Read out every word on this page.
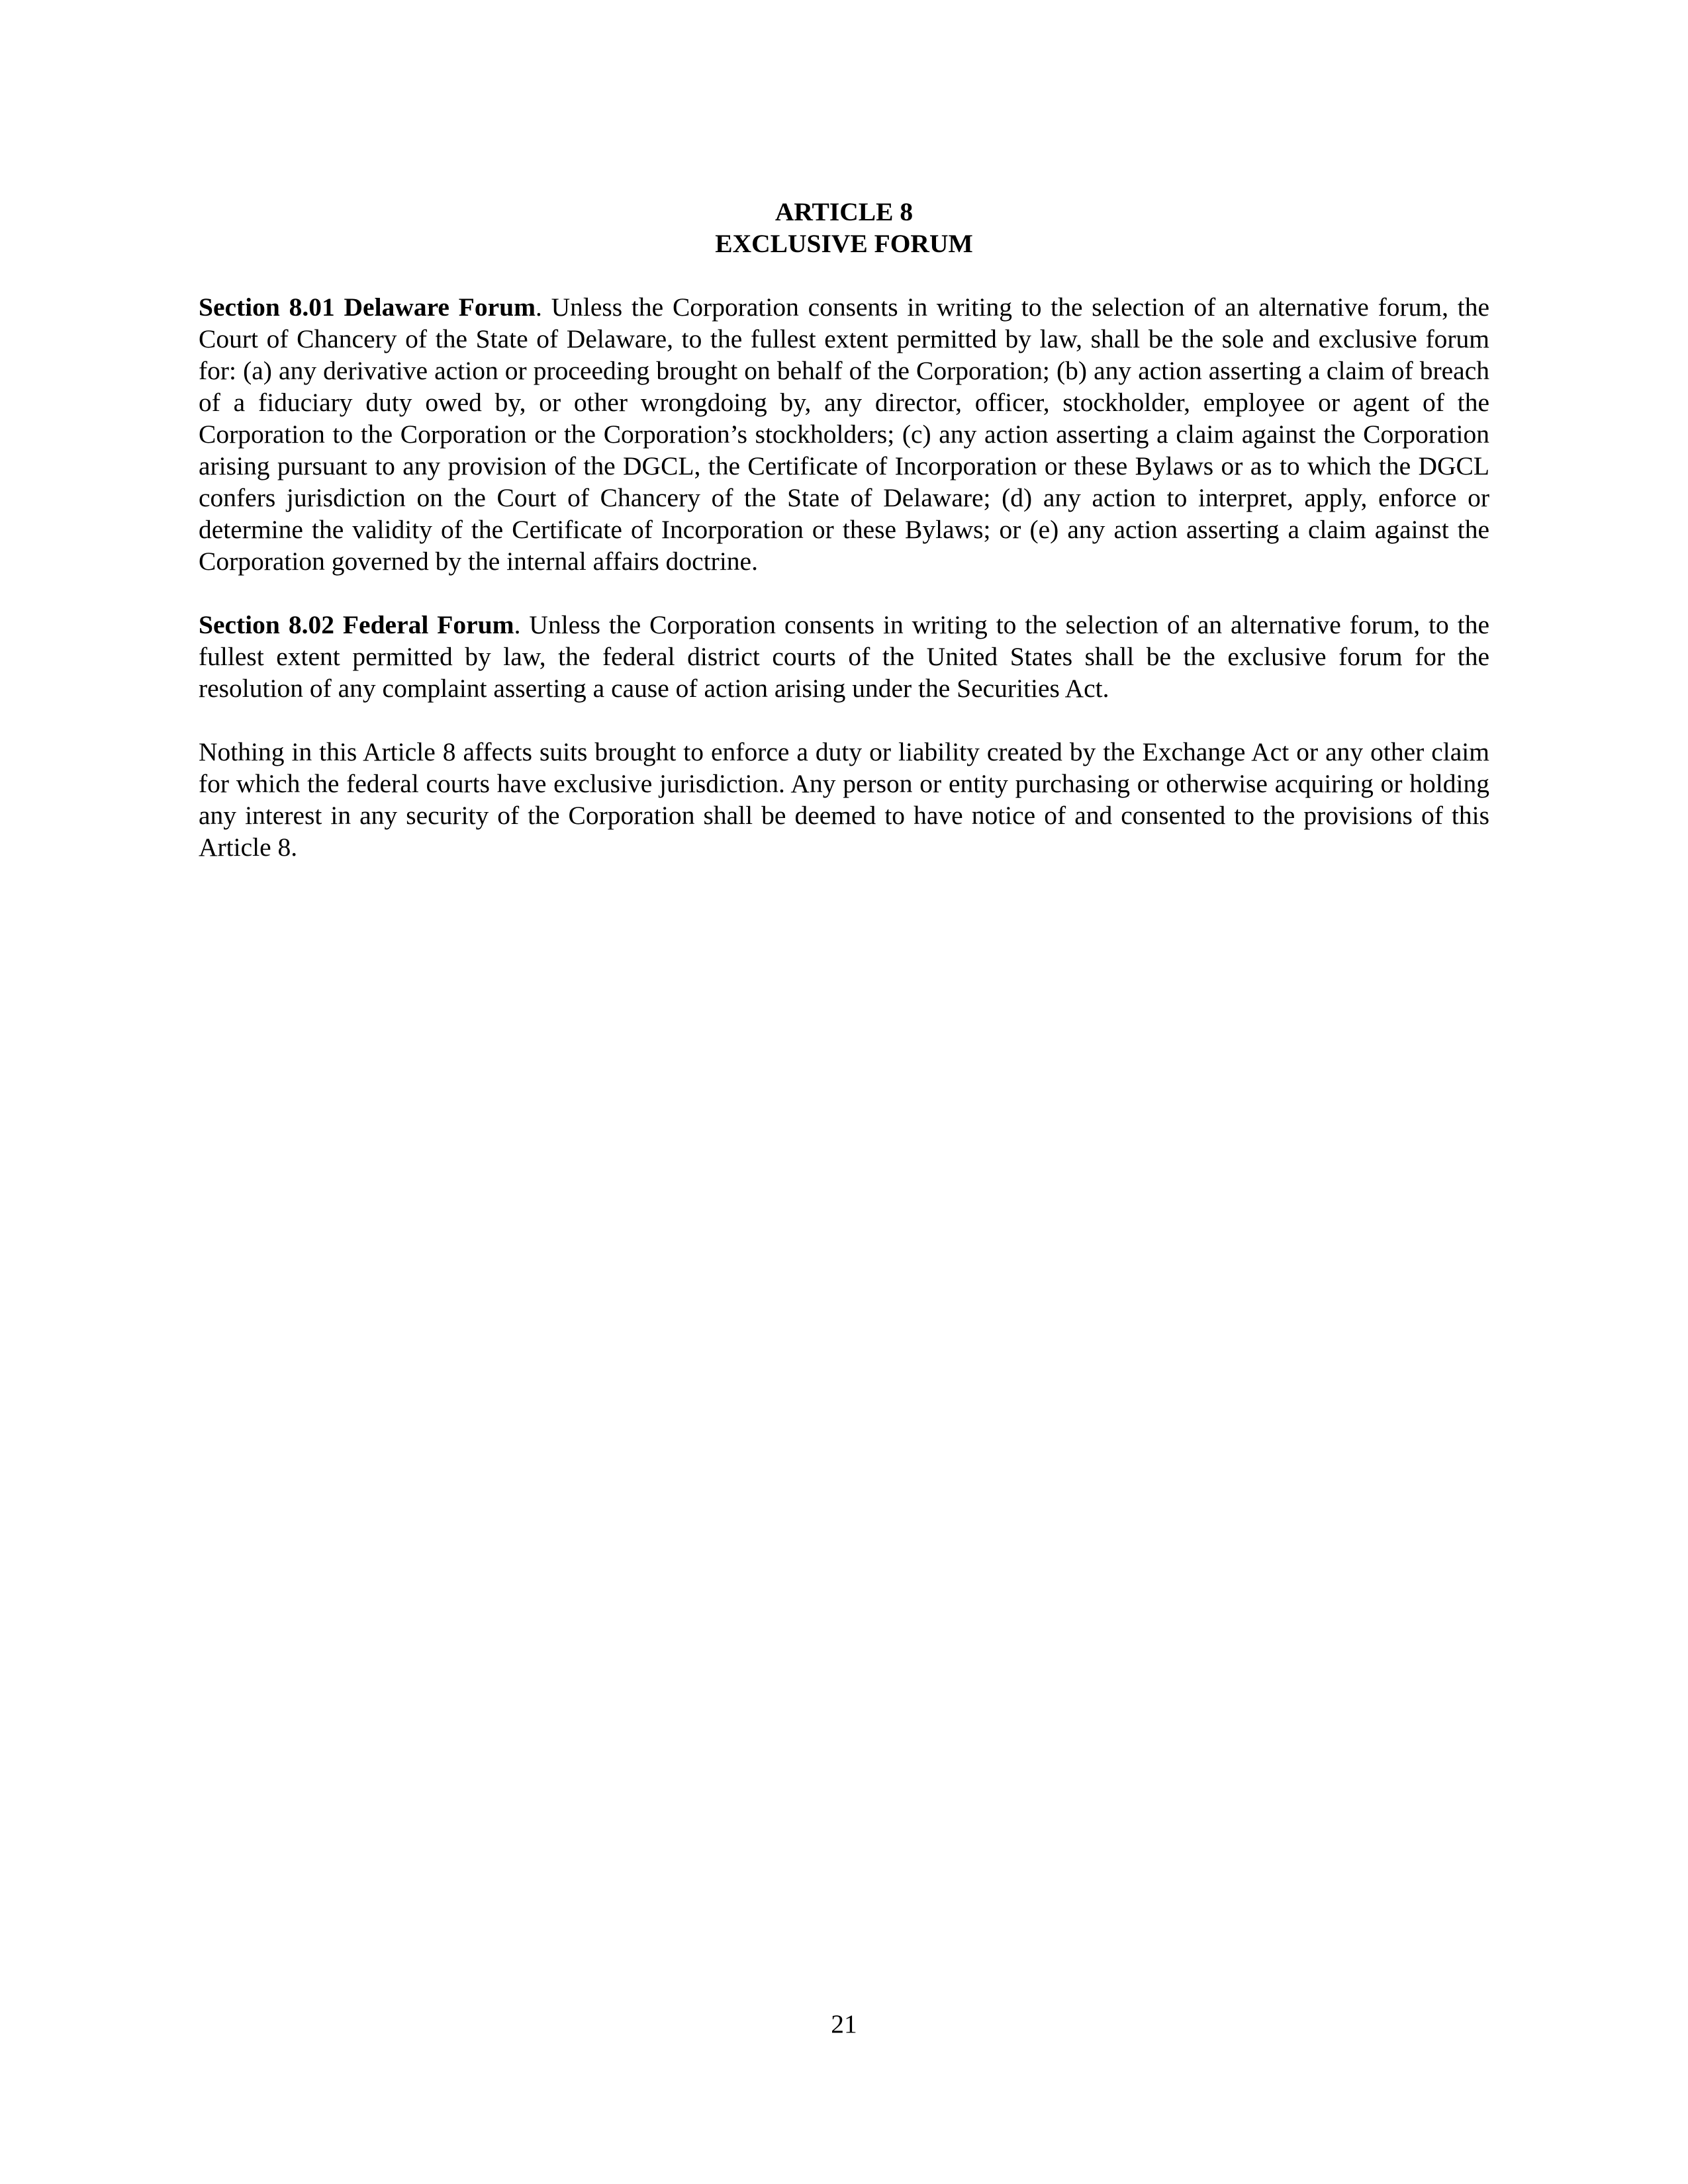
ARTICLE 8

EXCLUSIVE FORUM

Section 8.01 Delaware Forum. Unless the Corporation consents in writing to the selection of an alternative forum, the Court of Chancery of the State of Delaware, to the fullest extent permitted by law, shall be the sole and exclusive forum for: (a) any derivative action or proceeding brought on behalf of the Corporation; (b) any action asserting a claim of breach of a fiduciary duty owed by, or other wrongdoing by, any director, officer, stockholder, employee or agent of the Corporation to the Corporation or the Corporation’s stockholders; (c) any action asserting a claim against the Corporation arising pursuant to any provision of the DGCL, the Certificate of Incorporation or these Bylaws or as to which the DGCL confers jurisdiction on the Court of Chancery of the State of Delaware; (d) any action to interpret, apply, enforce or determine the validity of the Certificate of Incorporation or these Bylaws; or (e) any action asserting a claim against the Corporation governed by the internal affairs doctrine.

Section 8.02 Federal Forum. Unless the Corporation consents in writing to the selection of an alternative forum, to the fullest extent permitted by law, the federal district courts of the United States shall be the exclusive forum for the resolution of any complaint asserting a cause of action arising under the Securities Act.

Nothing in this Article 8 affects suits brought to enforce a duty or liability created by the Exchange Act or any other claim for which the federal courts have exclusive jurisdiction. Any person or entity purchasing or otherwise acquiring or holding any interest in any security of the Corporation shall be deemed to have notice of and consented to the provisions of this Article 8.

21
